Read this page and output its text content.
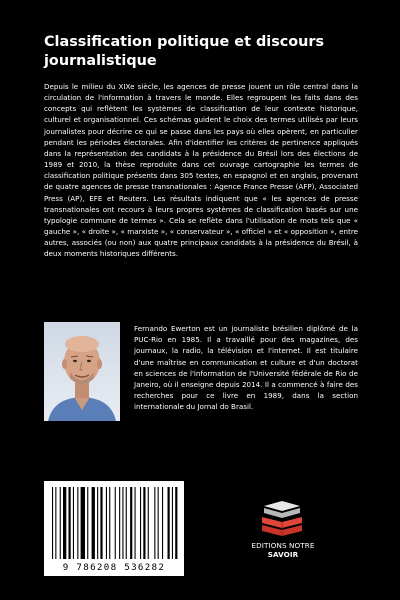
Classification politique et discours journalistique

Depuis le milieu du XIXe siècle, les agences de presse jouent un rôle central dans la circulation de l'information à travers le monde. Elles regroupent les faits dans des concepts qui reflètent les systèmes de classification de leur contexte historique, culturel et organisationnel. Ces schémas guident le choix des termes utilisés par leurs journalistes pour décrire ce qui se passe dans les pays où elles opèrent, en particulier pendant les périodes électorales. Afin d'identifier les critères de pertinence appliqués dans la représentation des candidats à la présidence du Brésil lors des élections de 1989 et 2010, la thèse reproduite dans cet ouvrage cartographie les termes de classification politique présents dans 305 textes, en espagnol et en anglais, provenant de quatre agences de presse transnationales : Agence France Presse (AFP), Associated Press (AP), EFE et Reuters. Les résultats indiquent que « les agences de presse transnationales ont recours à leurs propres systèmes de classification basés sur une typologie commune de termes ». Cela se reflète dans l'utilisation de mots tels que « gauche », « droite », « marxiste », « conservateur », « officiel » et « opposition », entre autres, associés (ou non) aux quatre principaux candidats à la présidence du Brésil, à deux moments historiques différents.

Fernando Ewerton est un journaliste brésilien diplômé de la PUC-Rio en 1985. Il a travaillé pour des magazines, des journaux, la radio, la télévision et l'internet. Il est titulaire d'une maîtrise en communication et culture et d'un doctorat en sciences de l'information de l'Université fédérale de Rio de Janeiro, où il enseigne depuis 2014. Il a commencé à faire des recherches pour ce livre en 1989, dans la section internationale du Jornal do Brasil.

9 786208 536282
EDITIONS NOTRE SAVOIR
